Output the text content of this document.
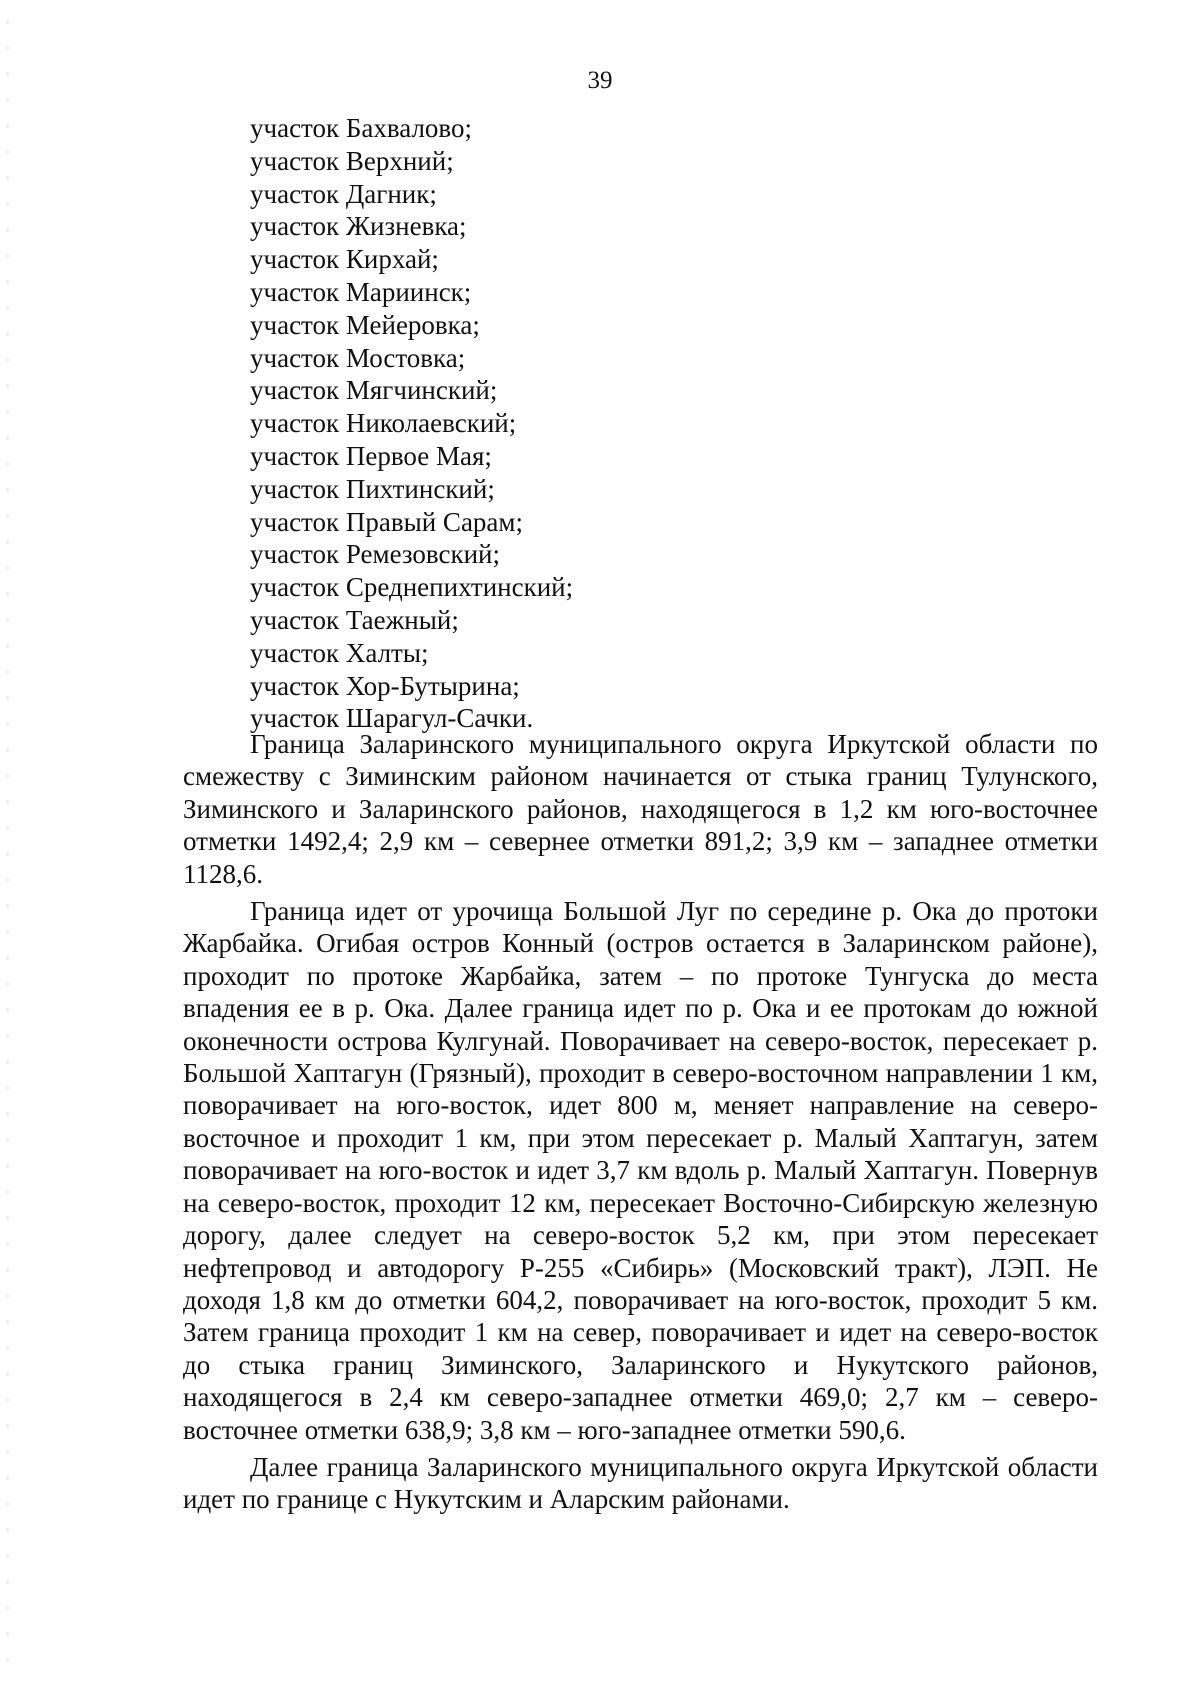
39
участок Бахвалово;
участок Верхний;
участок Дагник;
участок Жизневка;
участок Кирхай;
участок Мариинск;
участок Мейеровка;
участок Мостовка;
участок Мягчинский;
участок Николаевский;
участок Первое Мая;
участок Пихтинский;
участок Правый Сарам;
участок Ремезовский;
участок Среднепихтинский;
участок Таежный;
участок Халты;
участок Хор-Бутырина;
участок Шарагул-Сачки.

Граница Заларинского муниципального округа Иркутской области по смежеству с Зиминским районом начинается от стыка границ Тулунского, Зиминского и Заларинского районов, находящегося в 1,2 км юго-восточнее отметки 1492,4; 2,9 км – севернее отметки 891,2; 3,9 км – западнее отметки 1128,6.

Граница идет от урочища Большой Луг по середине р. Ока до протоки Жарбайка. Огибая остров Конный (остров остается в Заларинском районе), проходит по протоке Жарбайка, затем – по протоке Тунгуска до места впадения ее в р. Ока. Далее граница идет по р. Ока и ее протокам до южной оконечности острова Кулгунай. Поворачивает на северо-восток, пересекает р. Большой Хаптагун (Грязный), проходит в северо-восточном направлении 1 км, поворачивает на юго-восток, идет 800 м, меняет направление на северо-восточное и проходит 1 км, при этом пересекает р. Малый Хаптагун, затем поворачивает на юго-восток и идет 3,7 км вдоль р. Малый Хаптагун. Повернув на северо-восток, проходит 12 км, пересекает Восточно-Сибирскую железную дорогу, далее следует на северо-восток 5,2 км, при этом пересекает нефтепровод и автодорогу Р-255 «Сибирь» (Московский тракт), ЛЭП. Не доходя 1,8 км до отметки 604,2, поворачивает на юго-восток, проходит 5 км. Затем граница проходит 1 км на север, поворачивает и идет на северо-восток до стыка границ Зиминского, Заларинского и Нукутского районов, находящегося в 2,4 км северо-западнее отметки 469,0; 2,7 км – северо-восточнее отметки 638,9; 3,8 км – юго-западнее отметки 590,6.

Далее граница Заларинского муниципального округа Иркутской области идет по границе с Нукутским и Аларским районами.
